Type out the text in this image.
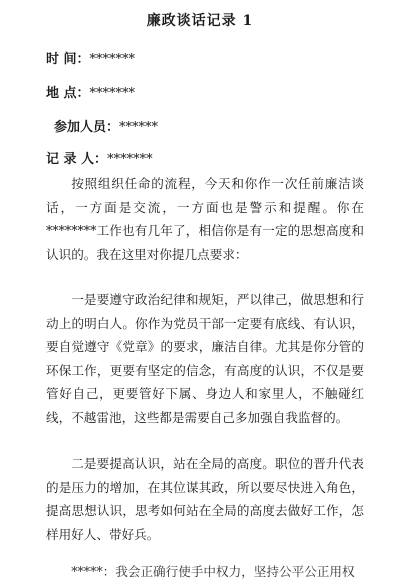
廉政谈话记录 1
时 间：*******
地 点：*******
参加人员：******
记 录 人：*******

按照组织任命的流程，今天和你作一次任前廉洁谈话，一方面是交流，一方面也是警示和提醒。你在********工作也有几年了，相信你是有一定的思想高度和认识的。我在这里对你提几点要求：

一是要遵守政治纪律和规矩，严以律己，做思想和行动上的明白人。你作为党员干部一定要有底线、有认识，要自觉遵守《党章》的要求，廉洁自律。尤其是你分管的环保工作，更要有坚定的信念，有高度的认识，不仅是要管好自己，更要管好下属、身边人和家里人，不触碰红线，不越雷池，这些都是需要自己多加强自我监督的。

二是要提高认识，站在全局的高度。职位的晋升代表的是压力的增加，在其位谋其政，所以要尽快进入角色，提高思想认识，思考如何站在全局的高度去做好工作，怎样用好人、带好兵。

*****：我会正确行使手中权力，坚持公平公正用权
